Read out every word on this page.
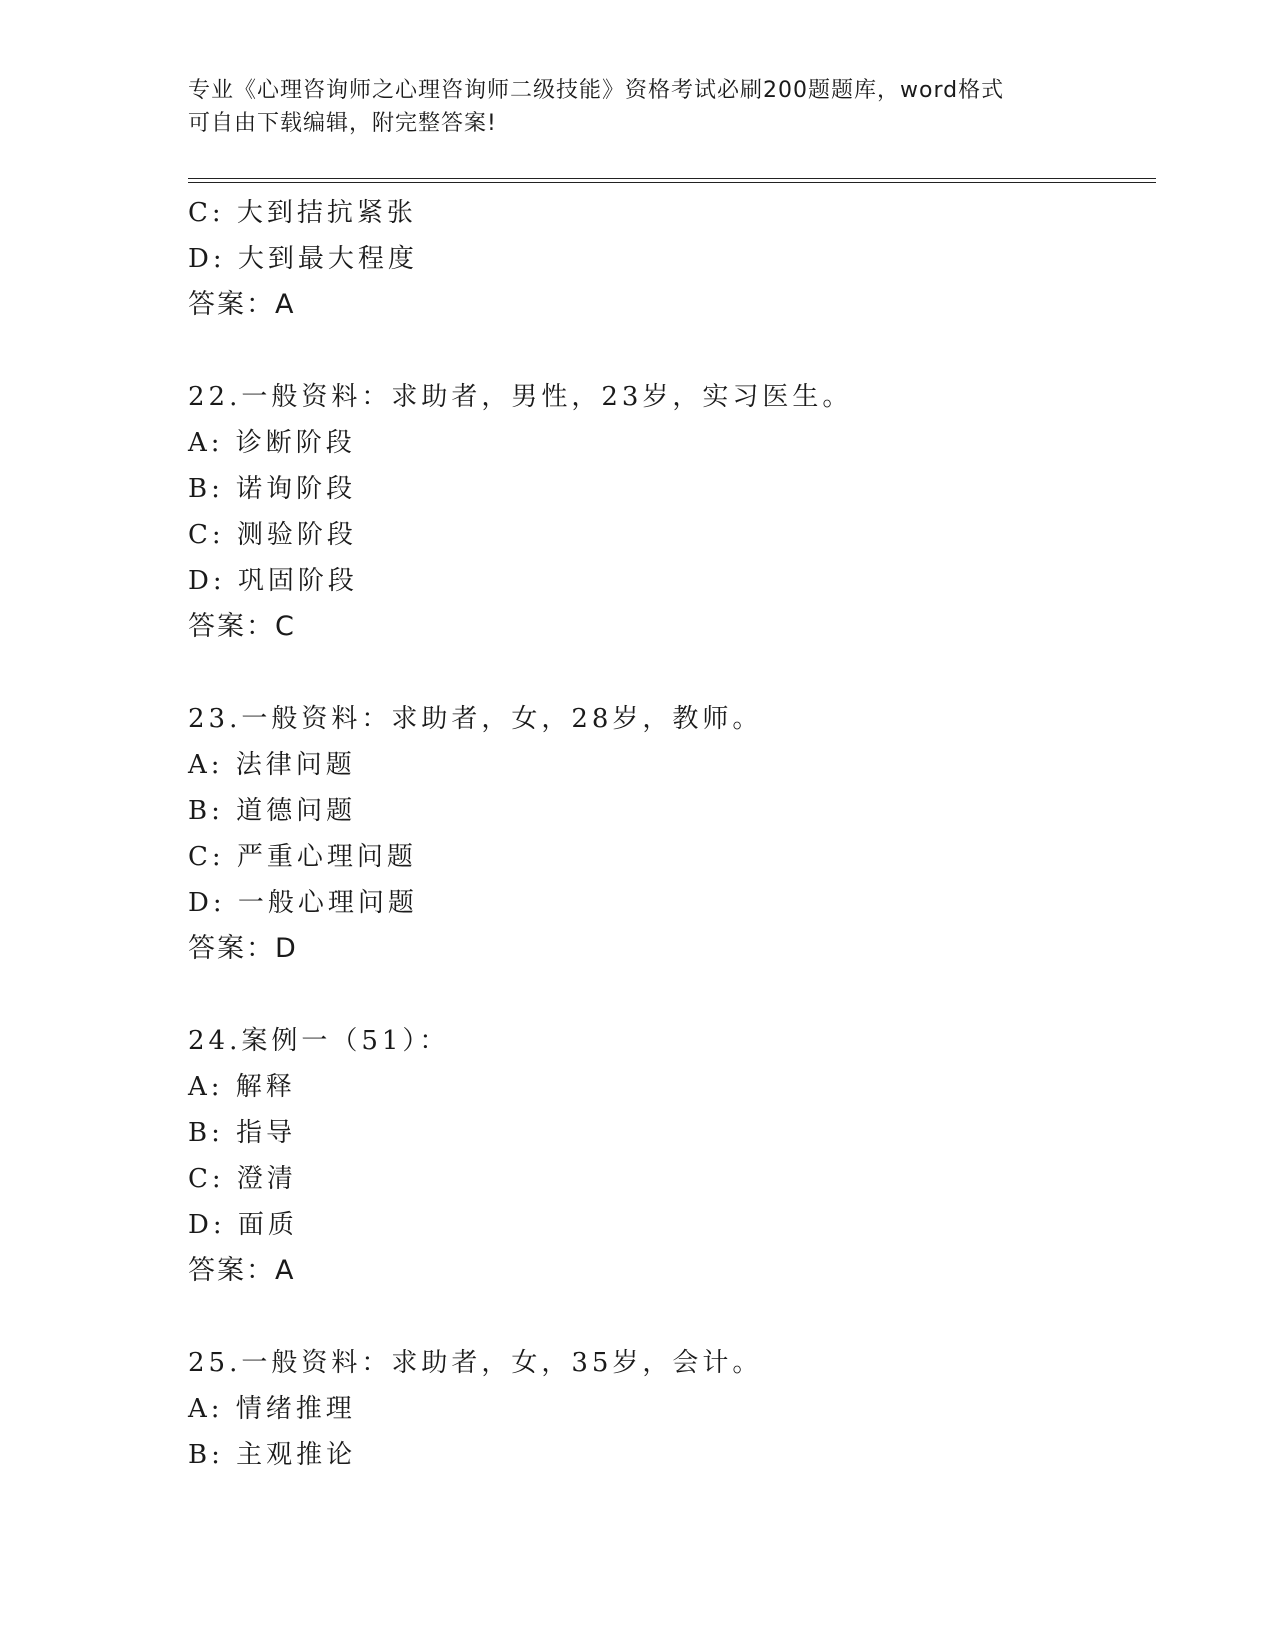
专业《心理咨询师之心理咨询师二级技能》资格考试必刷200题题库，word格式
可自由下载编辑，附完整答案!
C: 大到拮抗紧张
D: 大到最大程度
答案：A
22.一般资料：求助者，男性，23岁，实习医生。
A: 诊断阶段
B: 诺询阶段
C: 测验阶段
D: 巩固阶段
答案：C
23.一般资料：求助者，女，28岁，教师。
A: 法律问题
B: 道德问题
C: 严重心理问题
D: 一般心理问题
答案：D
24.案例一（51）：
A: 解释
B: 指导
C: 澄清
D: 面质
答案：A
25.一般资料：求助者，女，35岁，会计。
A: 情绪推理
B: 主观推论
